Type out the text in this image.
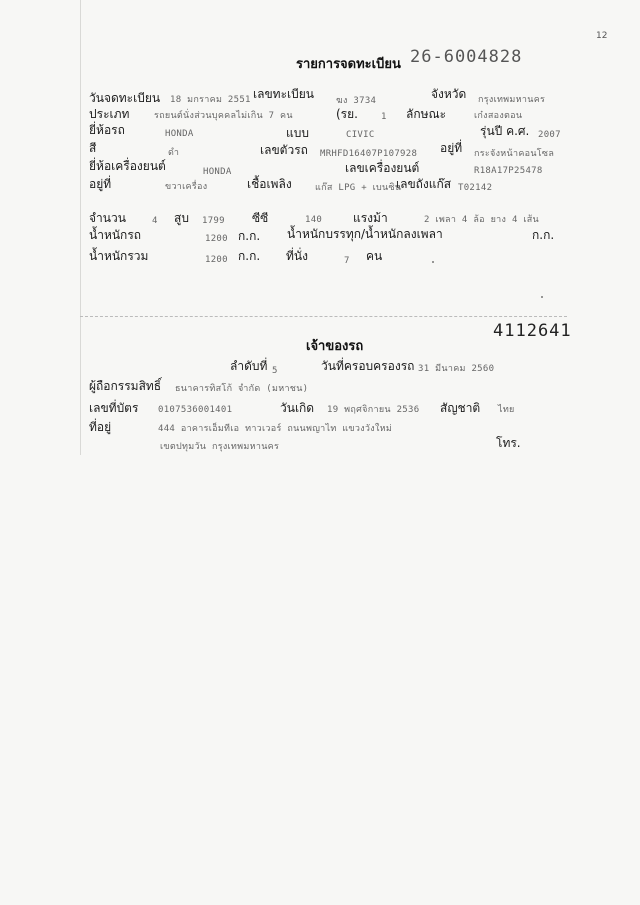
12
รายการจดทะเบียน 26-6004828
วันจดทะเบียน 18 มกราคม 2551 เลขทะเบียน ฆง 3734	จังหวัด กรุงเทพมหานคร
ประเภท	รถยนต์นั่งส่วนบุคคลไม่เกิน 7 คน	(รย.	1 ลักษณะ	เก๋งสองตอน
ยี่ห้อรถ	HONDA	แบบ	CIVIC	รุ่นปี ค.ศ. 2007
สี	ดำ	เลขตัวรถ MRHFD16407P107928 อยู่ที่ กระจังหน้าคอนโซล
ยี่ห้อเครื่องยนต์	HONDA	เลขเครื่องยนต์	R18A17P25478
อยู่ที่	ขวาเครื่อง	เชื้อเพลิง	แก๊ส LPG + เบนซิน
เลขถังแก๊ส T02142
จำนวน	4 สูบ 1799 ซีซี	140	แรงม้า	2 เพลา 4 ล้อ ยาง 4 เส้น
น้ำหนักรถ	1200 ก.ก. น้ำหนักบรรทุก/น้ำหนักลงเพลา	ก.ก.
น้ำหนักรวม	1200 ก.ก. ที่นั่ง	7 คน
4112641
เจ้าของรถ
ลำดับที่ 5	วันที่ครอบครองรถ 31 มีนาคม 2560
ผู้ถือกรรมสิทธิ์ ธนาคารทิสโก้ จำกัด (มหาชน)
เลขที่บัตร 0107536001401	วันเกิด 19 พฤศจิกายน 2536 สัญชาติ ไทย
ที่อยู่	444 อาคารเอ็มทีเอ ทาวเวอร์ ถนนพญาไท แขวงวังใหม่
เขตปทุมวัน กรุงเทพมหานคร	โทร.
